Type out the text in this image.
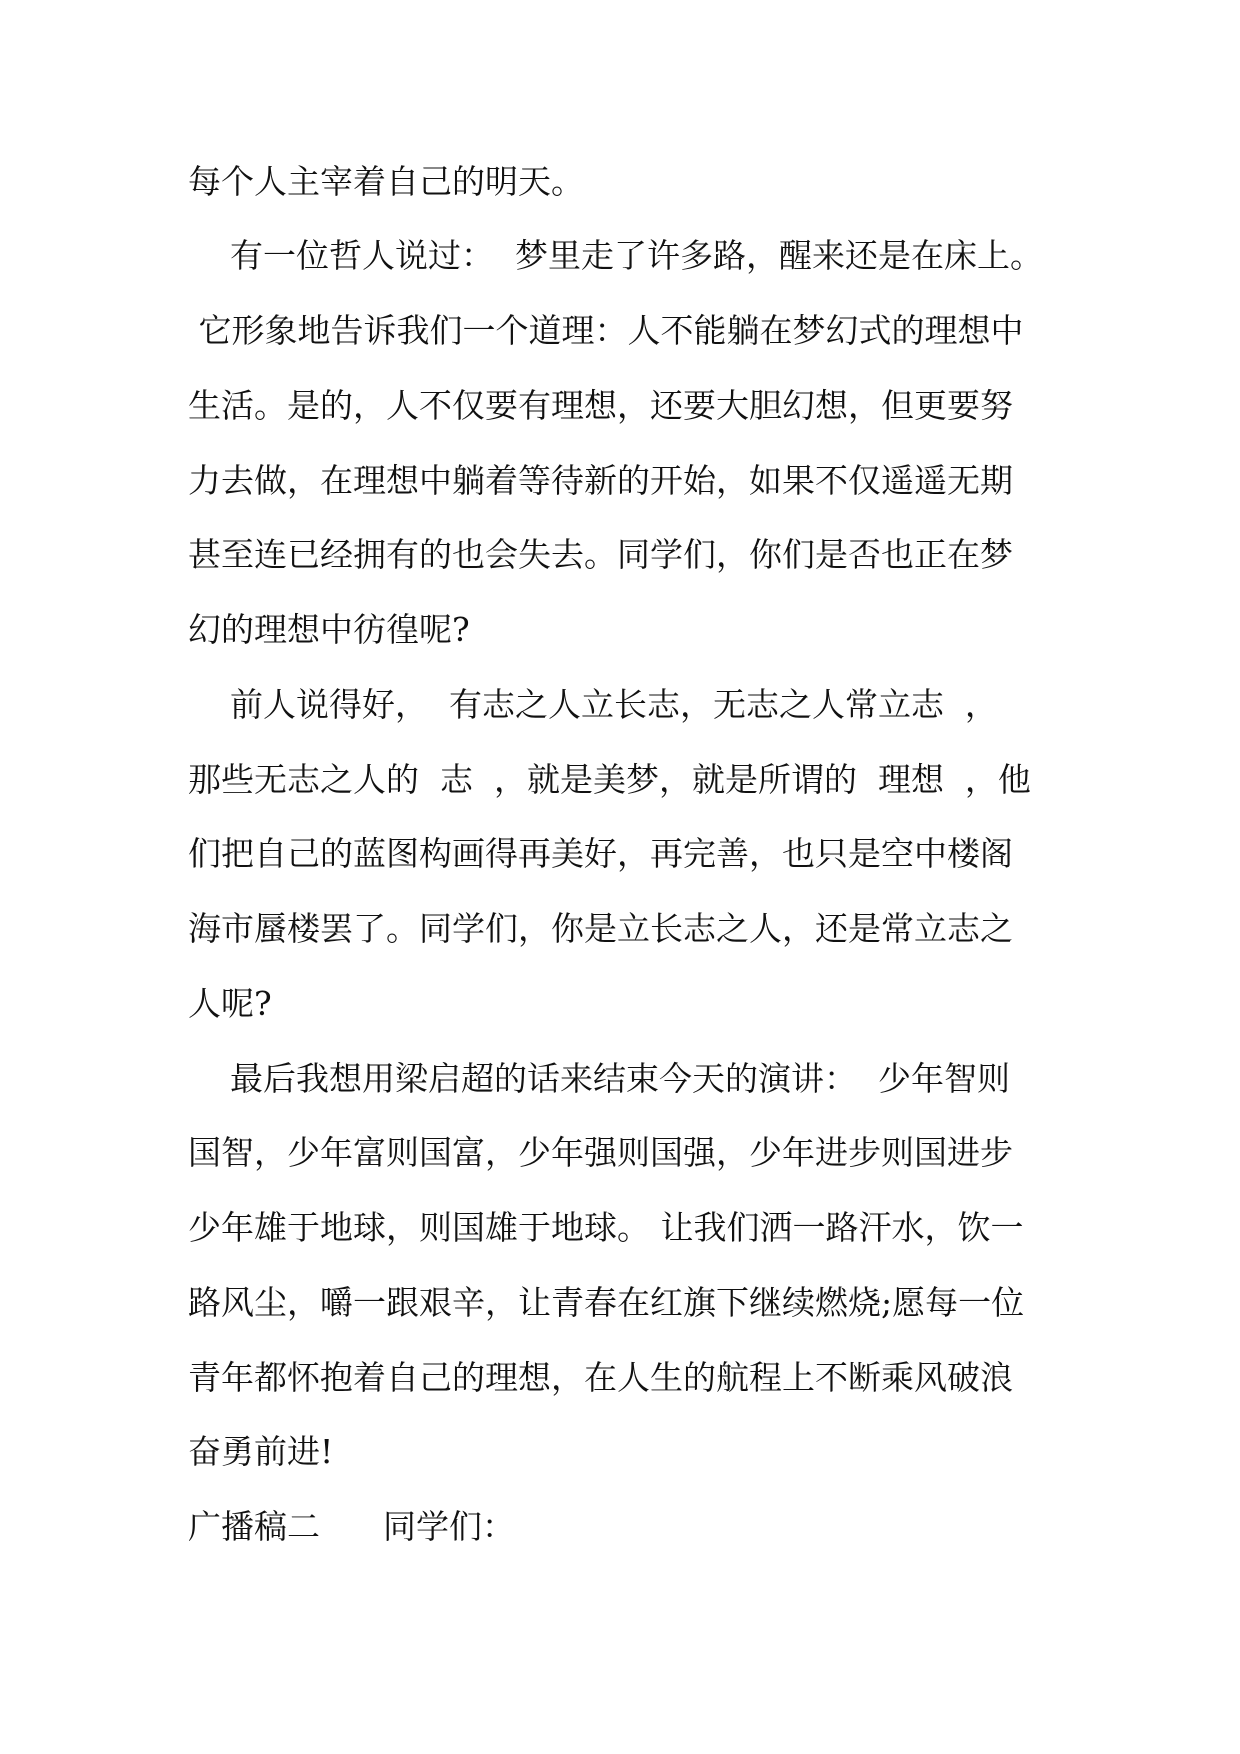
每个人主宰着自己的明天。
有一位哲人说过：  梦里走了许多路，醒来还是在床上。
它形象地告诉我们一个道理：人不能躺在梦幻式的理想中
生活。是的，人不仅要有理想，还要大胆幻想，但更要努
力去做，在理想中躺着等待新的开始，如果不仅遥遥无期
甚至连已经拥有的也会失去。同学们，你们是否也正在梦
幻的理想中彷徨呢?
前人说得好，  有志之人立长志，无志之人常立志  ，
那些无志之人的  志  ，就是美梦，就是所谓的  理想  ，他
们把自己的蓝图构画得再美好，再完善，也只是空中楼阁
海市蜃楼罢了。同学们，你是立长志之人，还是常立志之
人呢?
最后我想用梁启超的话来结束今天的演讲：  少年智则
国智，少年富则国富，少年强则国强，少年进步则国进步
少年雄于地球，则国雄于地球。 让我们洒一路汗水，饮一
路风尘，嚼一跟艰辛，让青春在红旗下继续燃烧;愿每一位
青年都怀抱着自己的理想，在人生的航程上不断乘风破浪
奋勇前进!
广播稿二      同学们：
